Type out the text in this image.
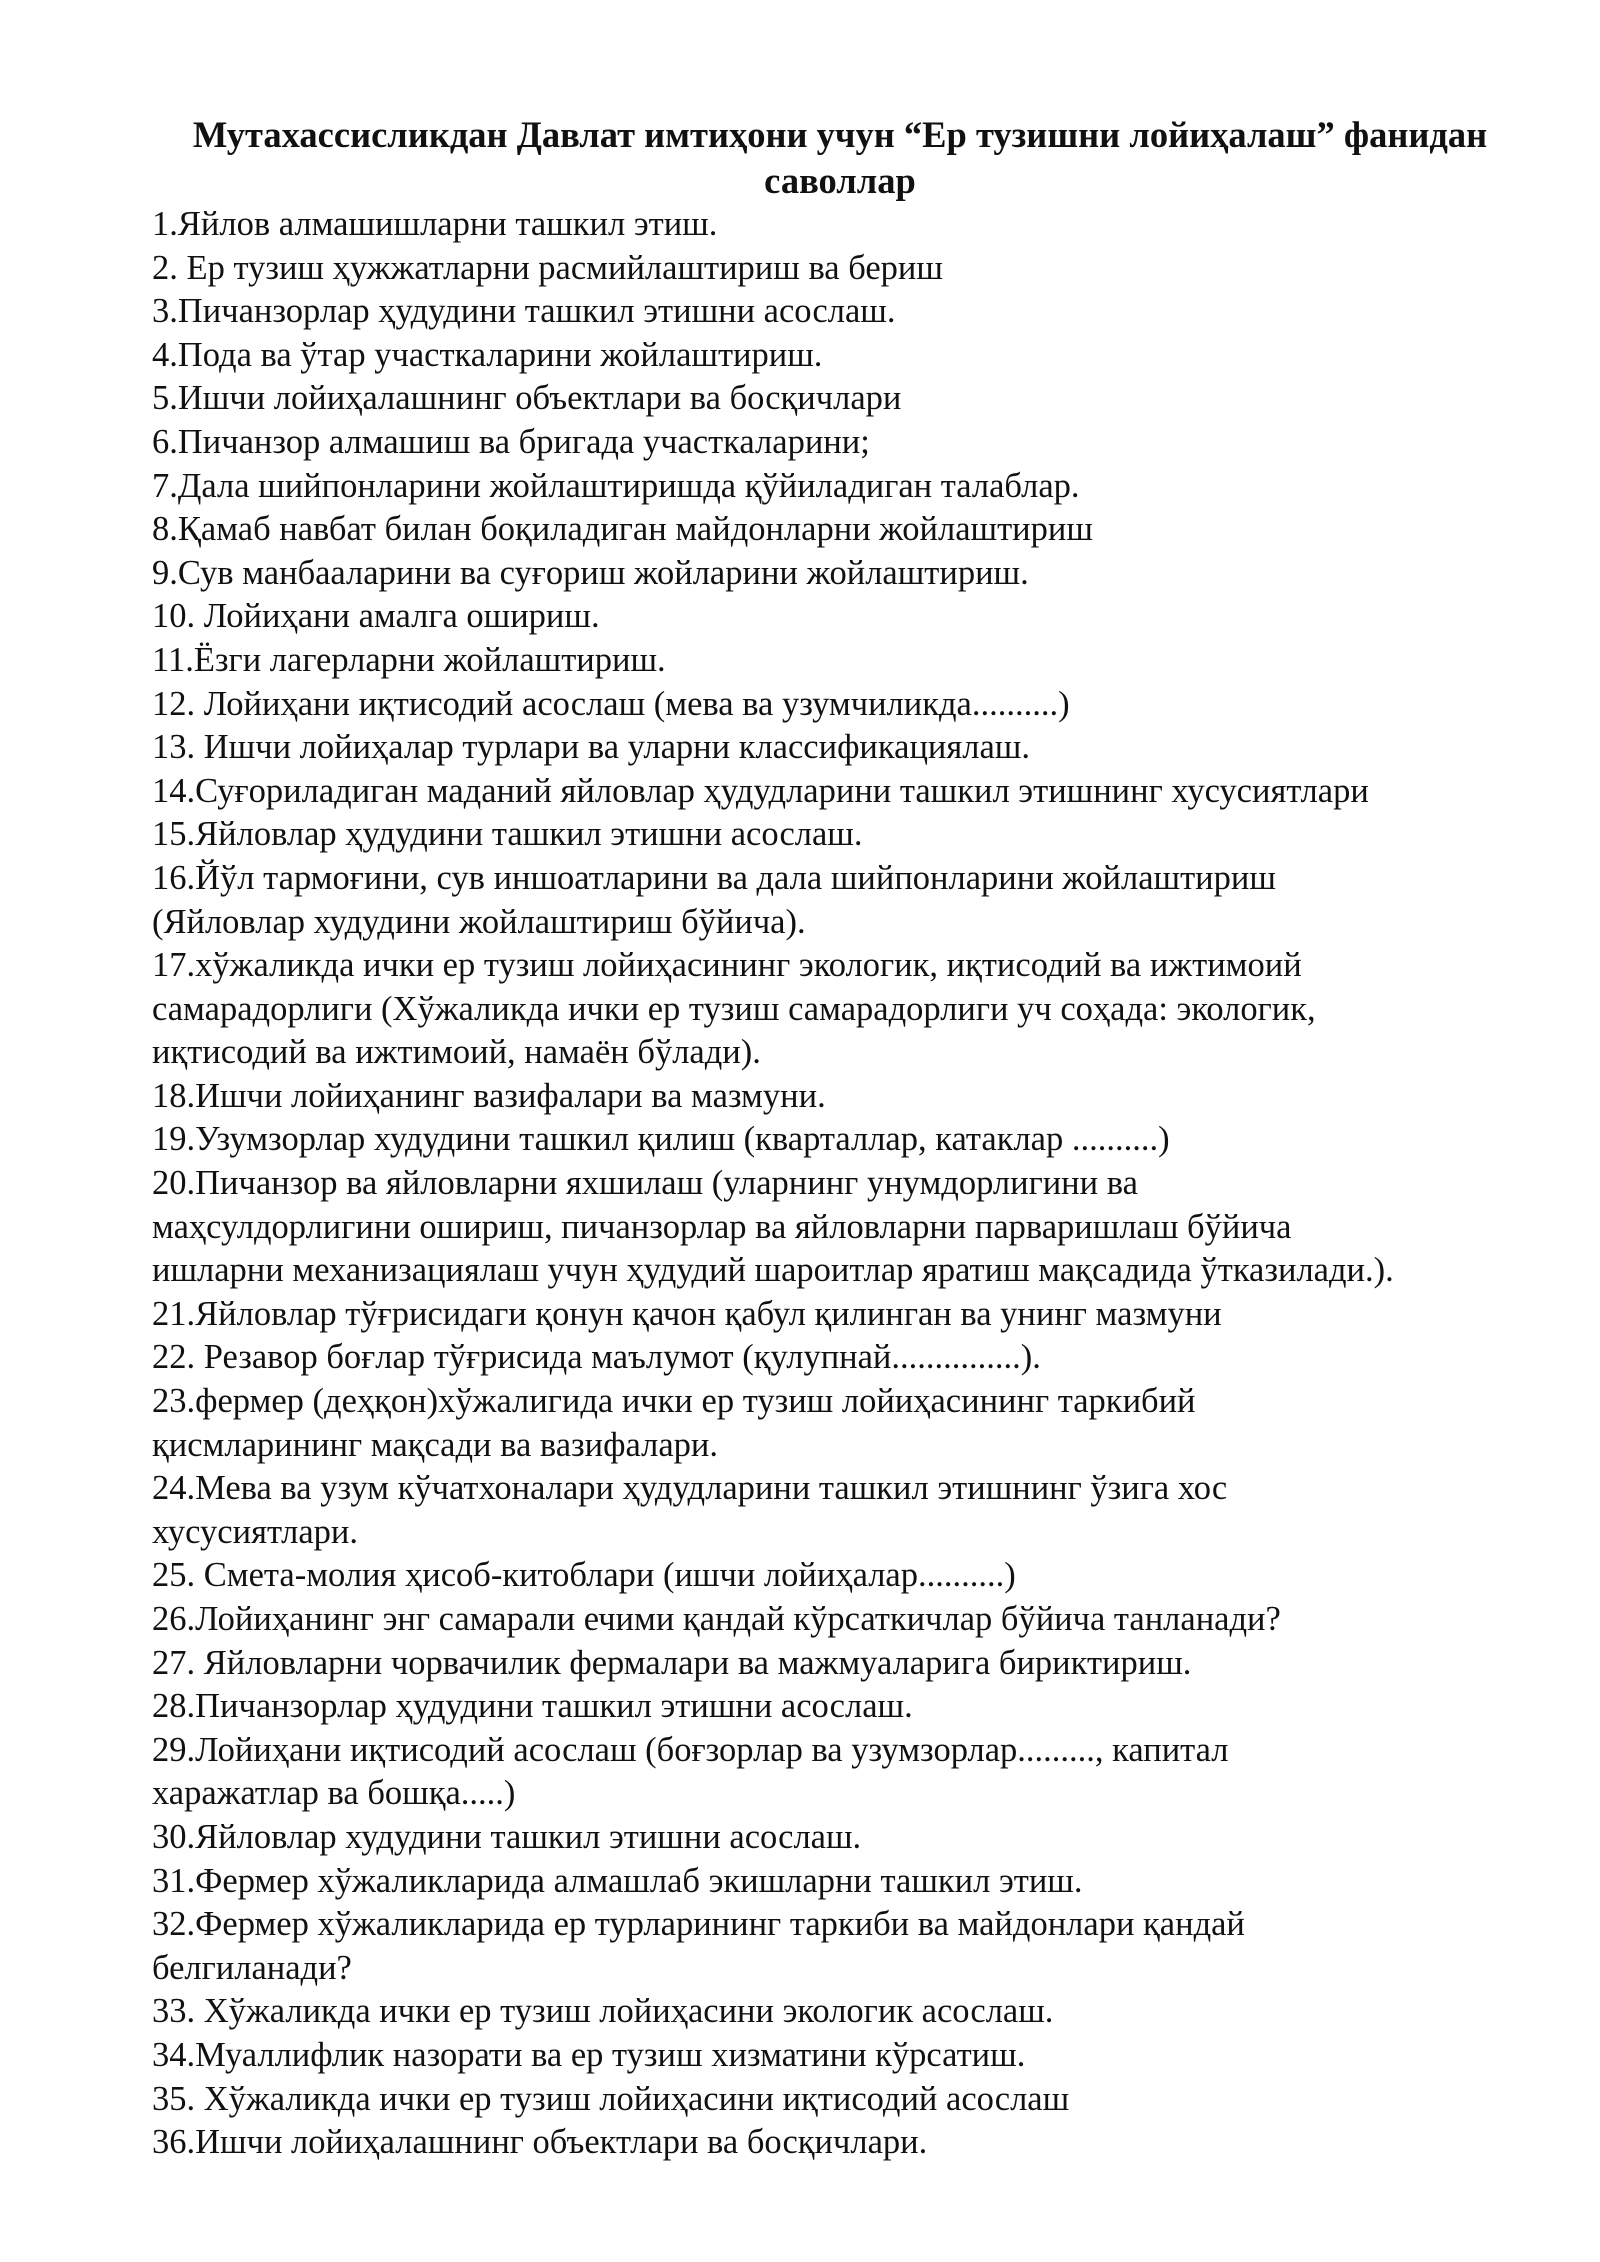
Мутахассисликдан Давлат имтиҳони учун “Ер тузишни лойиҳалаш” фанидан
саволлар
1.Яйлов алмашишларни ташкил этиш.
2. Ер тузиш ҳужжатларни расмийлаштириш ва бериш
3.Пичанзорлар ҳудудини ташкил этишни асослаш.
4.Пода ва ўтар участкаларини жойлаштириш.
5.Ишчи лойиҳалашнинг объектлари ва босқичлари
6.Пичанзор алмашиш ва бригада участкаларини;
7.Дала шийпонларини жойлаштиришда қўйиладиган талаблар.
8.Қамаб навбат билан боқиладиган майдонларни жойлаштириш
9.Сув манбааларини ва суғориш жойларини жойлаштириш.
10. Лойиҳани амалга ошириш.
11.Ёзги лагерларни жойлаштириш.
12. Лойиҳани иқтисодий асослаш (мева ва узумчиликда..........)
13. Ишчи лойиҳалар турлари ва уларни классификациялаш.
14.Суғориладиган маданий яйловлар ҳудудларини ташкил этишнинг хусусиятлари
15.Яйловлар ҳудудини ташкил этишни асослаш.
16.Йўл тармоғини, сув иншоатларини ва дала шийпонларини жойлаштириш
(Яйловлар худудини жойлаштириш бўйича).
17.хўжаликда ички ер тузиш лойиҳасининг экологик, иқтисодий ва ижтимоий
самарадорлиги (Хўжаликда ички ер тузиш самарадорлиги уч соҳада: экологик,
иқтисодий ва ижтимоий, намаён бўлади).
18.Ишчи лойиҳанинг вазифалари ва мазмуни.
19.Узумзорлар худудини ташкил қилиш (кварталлар, катаклар ..........)
20.Пичанзор ва яйловларни яхшилаш (уларнинг унумдорлигини ва
маҳсулдорлигини ошириш, пичанзорлар ва яйловларни парваришлаш бўйича
ишларни механизациялаш учун ҳудудий шароитлар яратиш мақсадида ўтказилади.).
21.Яйловлар тўғрисидаги қонун қачон қабул қилинган ва унинг мазмуни
22. Резавор боғлар тўғрисида маълумот (қулупнай...............).
23.фермер (деҳқон)хўжалигида ички ер тузиш лойиҳасининг таркибий
қисмларининг мақсади ва вазифалари.
24.Мева ва узум кўчатхоналари ҳудудларини ташкил этишнинг ўзига хос
хусусиятлари.
25. Смета-молия ҳисоб-китоблари (ишчи лойиҳалар..........)
26.Лойиҳанинг энг самарали ечими қандай кўрсаткичлар бўйича танланади?
27. Яйловларни чорвачилик фермалари ва мажмуаларига бириктириш.
28.Пичанзорлар ҳудудини ташкил этишни асослаш.
29.Лойиҳани иқтисодий асослаш (боғзорлар ва узумзорлар........., капитал
харажатлар ва бошқа.....)
30.Яйловлар худудини ташкил этишни асослаш.
31.Фермер хўжаликларида алмашлаб экишларни ташкил этиш.
32.Фермер хўжаликларида ер турларининг таркиби ва майдонлари қандай
белгиланади?
33. Хўжаликда ички ер тузиш лойиҳасини экологик асослаш.
34.Муаллифлик назорати ва ер тузиш хизматини кўрсатиш.
35. Хўжаликда ички ер тузиш лойиҳасини иқтисодий асослаш
36.Ишчи лойиҳалашнинг объектлари ва босқичлари.
